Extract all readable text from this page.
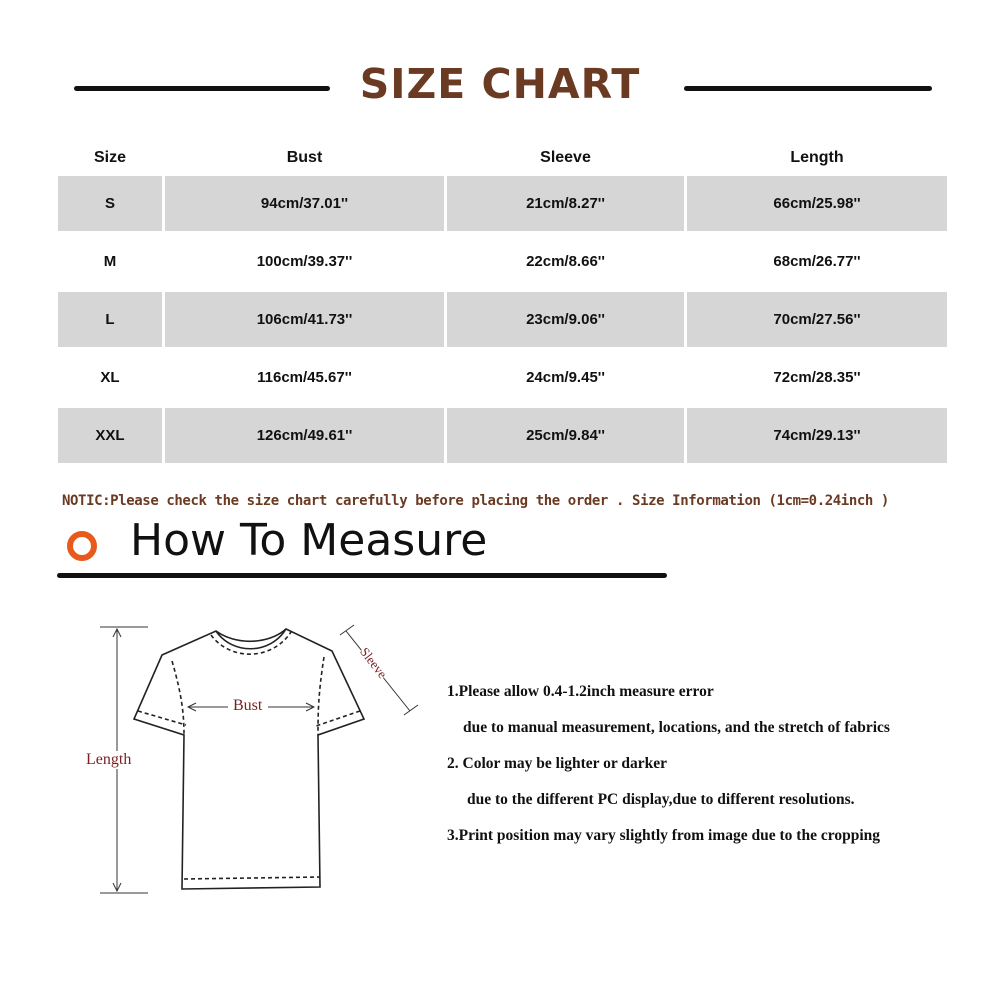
SIZE CHART
Size	Bust	Sleeve	Length

S	94cm/37.01''	21cm/8.27''	66cm/25.98''

M	100cm/39.37''	22cm/8.66''	68cm/26.77''

L	106cm/41.73''	23cm/9.06''	70cm/27.56''

XL	116cm/45.67''	24cm/9.45''	72cm/28.35''

XXL	126cm/49.61''	25cm/9.84''	74cm/29.13''
NOTIC:Please check the size chart carefully before placing the order . Size Information (1cm=0.24inch )
How To Measure
Length
Bust
Sleeve
1.Please allow 0.4-1.2inch measure error
due to manual measurement, locations, and the stretch of fabrics
2. Color may be lighter or darker
due to the different PC display,due to different resolutions.
3.Print position may vary slightly from image due to the cropping
